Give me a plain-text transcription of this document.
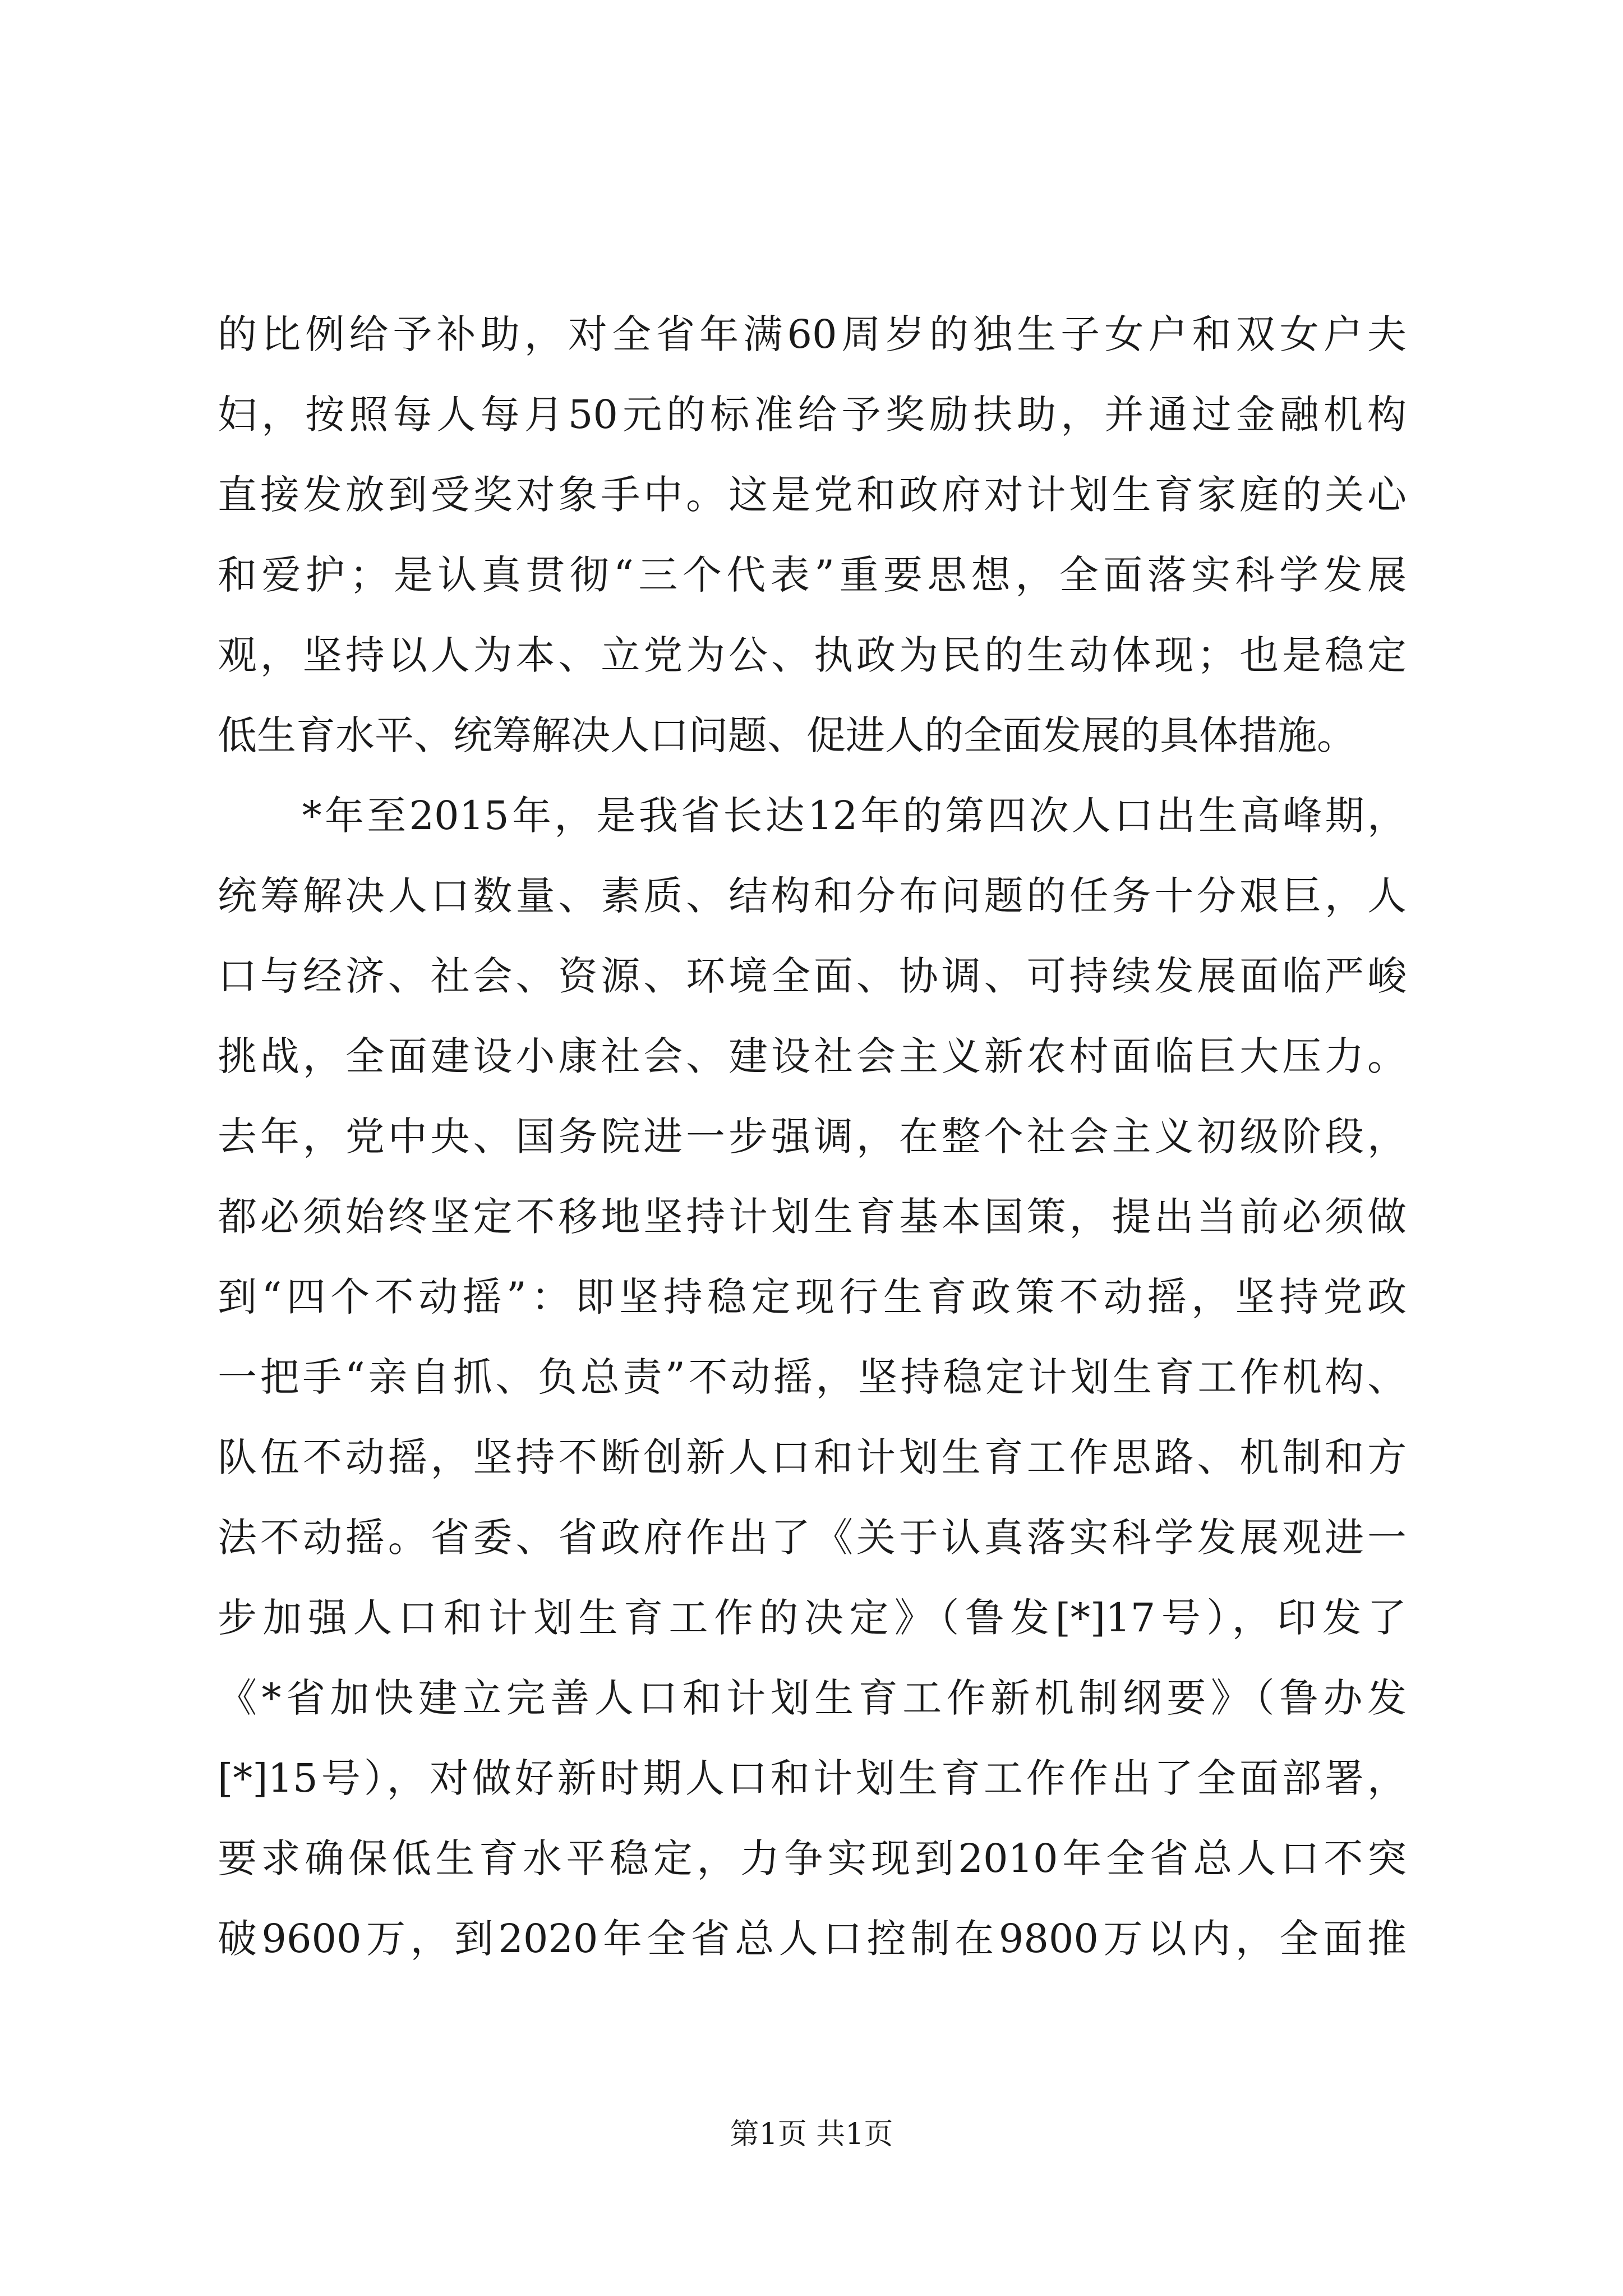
的比例给予补助，对全省年满60周岁的独生子女户和双女户夫
妇，按照每人每月50元的标准给予奖励扶助，并通过金融机构
直接发放到受奖对象手中。这是党和政府对计划生育家庭的关心
和爱护；是认真贯彻“三个代表”重要思想，全面落实科学发展
观，坚持以人为本、立党为公、执政为民的生动体现；也是稳定
低生育水平、统筹解决人口问题、促进人的全面发展的具体措施。
　　*年至2015年，是我省长达12年的第四次人口出生高峰期，
统筹解决人口数量、素质、结构和分布问题的任务十分艰巨，人
口与经济、社会、资源、环境全面、协调、可持续发展面临严峻
挑战，全面建设小康社会、建设社会主义新农村面临巨大压力。
去年，党中央、国务院进一步强调，在整个社会主义初级阶段，
都必须始终坚定不移地坚持计划生育基本国策，提出当前必须做
到“四个不动摇”：即坚持稳定现行生育政策不动摇，坚持党政
一把手“亲自抓、负总责”不动摇，坚持稳定计划生育工作机构、
队伍不动摇，坚持不断创新人口和计划生育工作思路、机制和方
法不动摇。省委、省政府作出了《关于认真落实科学发展观进一
步加强人口和计划生育工作的决定》（鲁发[*]17号），印发了
《*省加快建立完善人口和计划生育工作新机制纲要》（鲁办发
[*]15号），对做好新时期人口和计划生育工作作出了全面部署，
要求确保低生育水平稳定，力争实现到2010年全省总人口不突
破9600万，到2020年全省总人口控制在9800万以内，全面推
第1页 共1页
